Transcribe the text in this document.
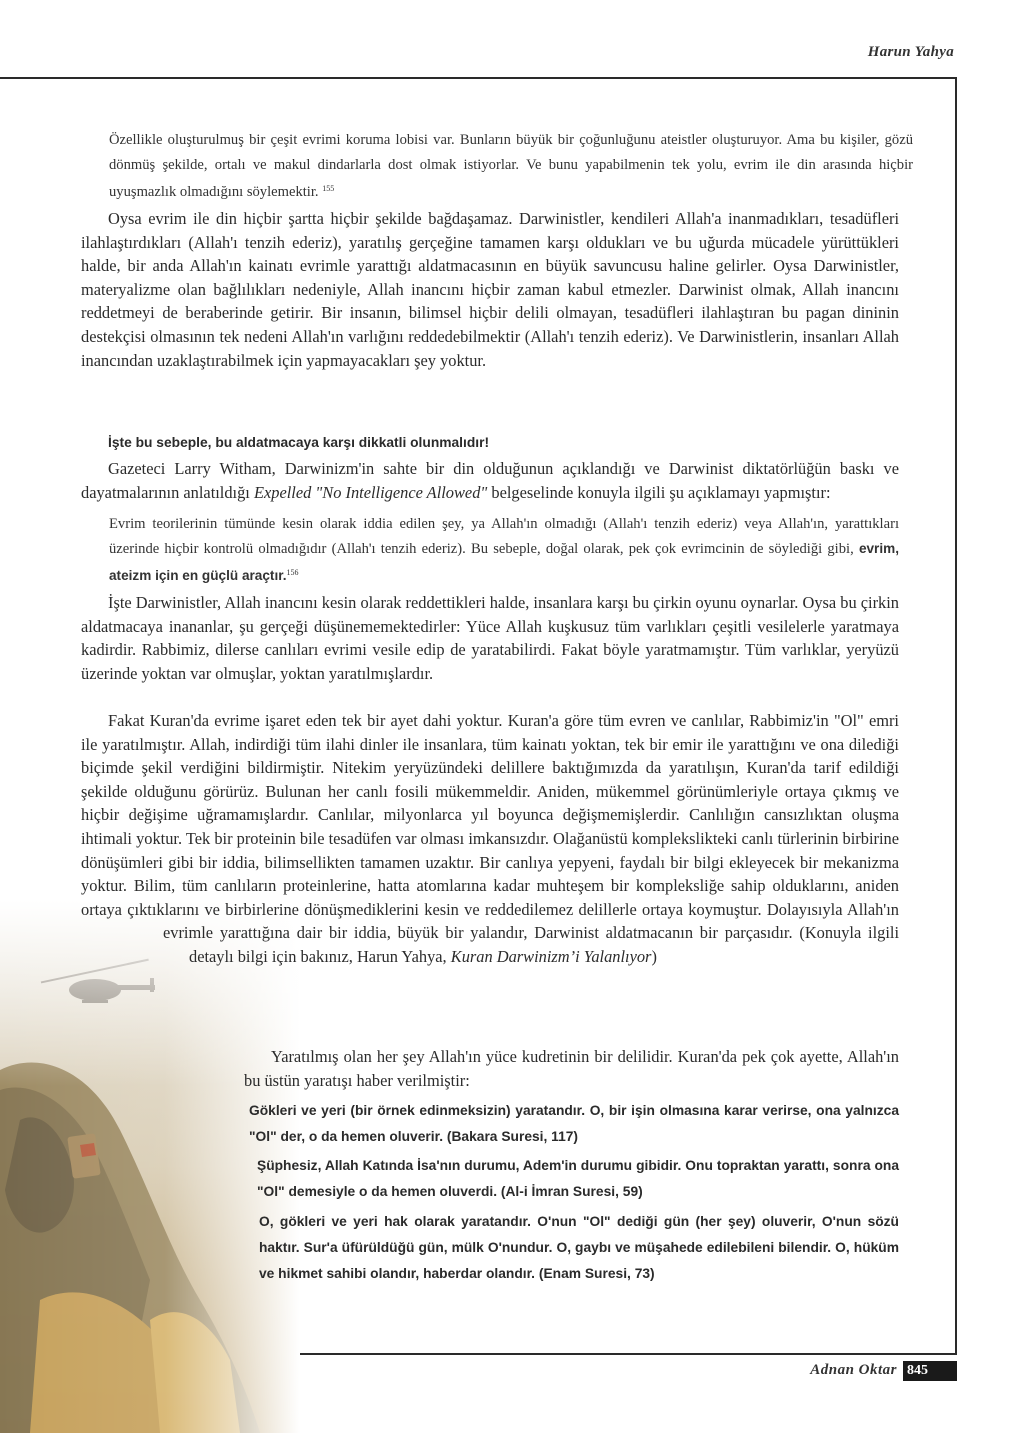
Harun Yahya
Özellikle oluşturulmuş bir çeşit evrimi koruma lobisi var. Bunların büyük bir çoğunluğunu ateistler oluşturuyor. Ama bu kişiler, gözü dönmüş şekilde, ortalı ve makul dindarlarla dost olmak istiyorlar. Ve bunu yapabilmenin tek yolu, evrim ile din arasında hiçbir uyuşmazlık olmadığını söylemektir. $^{155}$
Oysa evrim ile din hiçbir şartta hiçbir şekilde bağdaşamaz. Darwinistler, kendileri Allah'a inanmadıkları, tesadüfleri ilahlaştırdıkları (Allah'ı tenzih ederiz), yaratılış gerçeğine tamamen karşı oldukları ve bu uğurda mücadele yürüttükleri halde, bir anda Allah'ın kainatı evrimle yarattığı aldatmacasının en büyük savuncusu haline gelirler. Oysa Darwinistler, materyalizme olan bağlılıkları nedeniyle, Allah inancını hiçbir zaman kabul etmezler. Darwinist olmak, Allah inancını reddetmeyi de beraberinde getirir. Bir insanın, bilimsel hiçbir delili olmayan, tesadüfleri ilahlaştıran bu pagan dininin destekçisi olmasının tek nedeni Allah'ın varlığını reddedebilmektir (Allah'ı tenzih ederiz). Ve Darwinistlerin, insanları Allah inancından uzaklaştırabilmek için yapmayacakları şey yoktur.
İşte bu sebeple, bu aldatmacaya karşı dikkatli olunmalıdır!
Gazeteci Larry Witham, Darwinizm'in sahte bir din olduğunun açıklandığı ve Darwinist diktatörlüğün baskı ve dayatmalarının anlatıldığı Expelled "No Intelligence Allowed" belgeselinde konuyla ilgili şu açıklamayı yapmıştır:
Evrim teorilerinin tümünde kesin olarak iddia edilen şey, ya Allah'ın olmadığı (Allah'ı tenzih ederiz) veya Allah'ın, yarattıkları üzerinde hiçbir kontrolü olmadığıdır (Allah'ı tenzih ederiz). Bu sebeple, doğal olarak, pek çok evrimcinin de söylediği gibi, evrim, ateizm için en güçlü araçtır.$^{156}$
İşte Darwinistler, Allah inancını kesin olarak reddettikleri halde, insanlara karşı bu çirkin oyunu oynarlar. Oysa bu çirkin aldatmacaya inananlar, şu gerçeği düşünememektedirler: Yüce Allah kuşkusuz tüm varlıkları çeşitli vesilelerle yaratmaya kadirdir. Rabbimiz, dilerse canlıları evrimi vesile edip de yaratabilirdi. Fakat böyle yaratmamıştır. Tüm varlıklar, yeryüzü üzerinde yoktan var olmuşlar, yoktan yaratılmışlardır.
Fakat Kuran'da evrime işaret eden tek bir ayet dahi yoktur. Kuran'a göre tüm evren ve canlılar, Rabbimiz'in "Ol" emri ile yaratılmıştır. Allah, indirdiği tüm ilahi dinler ile insanlara, tüm kainatı yoktan, tek bir emir ile yarattığını ve ona dilediği biçimde şekil verdiğini bildirmiştir. Nitekim yeryüzündeki delillere baktığımızda da yaratılışın, Kuran'da tarif edildiği şekilde olduğunu görürüz. Bulunan her canlı fosili mükemmeldir. Aniden, mükemmel görünümleriyle ortaya çıkmış ve hiçbir değişime uğramamışlardır. Canlılar, milyonlarca yıl boyunca değişmemişlerdir. Canlılığın cansızlıktan oluşma ihtimali yoktur. Tek bir proteinin bile tesadüfen var olması imkansızdır. Olağanüstü komplekslikteki canlı türlerinin birbirine dönüşümleri gibi bir iddia, bilimsellikten tamamen uzaktır. Bir canlıya yepyeni, faydalı bir bilgi ekleyecek bir mekanizma yoktur. Bilim, tüm canlıların proteinlerine, hatta atomlarına kadar muhteşem bir kompleksliğe sahip olduklarını, aniden ortaya çıktıklarını ve birbirlerine dönüşmediklerini kesin ve reddedilemez delillerle ortaya koymuştur. Dolayısıyla Allah'ın evrimle yarattığına dair bir iddia, büyük bir yalandır, Darwinist aldatmacanın bir parçasıdır. (Konuyla ilgili detaylı bilgi için bakınız, Harun Yahya, Kuran Darwinizm’i Yalanlıyor)
Yaratılmış olan her şey Allah'ın yüce kudretinin bir delilidir. Kuran'da pek çok ayette, Allah'ın bu üstün yaratışı haber verilmiştir:
Gökleri ve yeri (bir örnek edinmeksizin) yaratandır. O, bir işin olmasına karar verirse, ona yalnızca "Ol" der, o da hemen oluverir. (Bakara Suresi, 117)
Şüphesiz, Allah Katında İsa'nın durumu, Adem'in durumu gibidir. Onu topraktan yarattı, sonra ona "Ol" demesiyle o da hemen oluverdi. (Al-i İmran Suresi, 59)
O, gökleri ve yeri hak olarak yaratandır. O'nun "Ol" dediği gün (her şey) oluverir, O'nun sözü haktır. Sur'a üfürüldüğü gün, mülk O'nundur. O, gaybı ve müşahede edilebileni bilendir. O, hüküm ve hikmet sahibi olandır, haberdar olandır. (Enam Suresi, 73)
Adnan Oktar 845
